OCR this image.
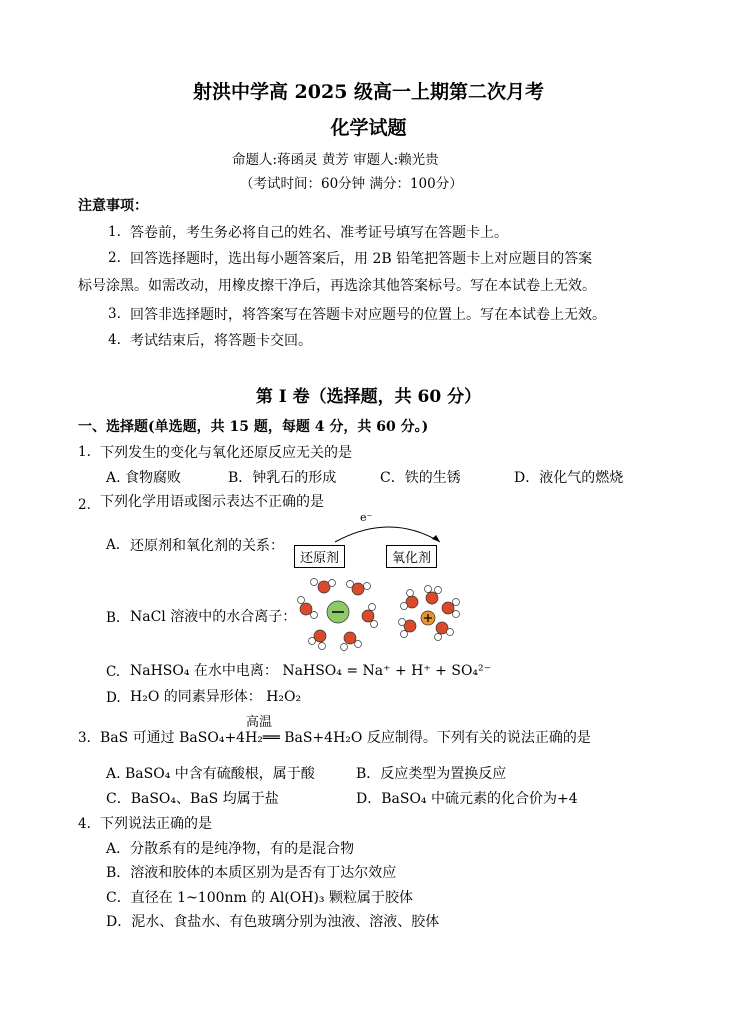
射洪中学高 2025 级高一上期第二次月考
化学试题
命题人:蒋函灵 黄芳 审题人:赖光贵
（考试时间：60分钟 满分：100分）
注意事项：
1. 答卷前，考生务必将自己的姓名、准考证号填写在答题卡上。
2. 回答选择题时，选出每小题答案后，用 2B 铅笔把答题卡上对应题目的答案
标号涂黑。如需改动，用橡皮擦干净后，再选涂其他答案标号。写在本试卷上无效。
3. 回答非选择题时，将答案写在答题卡对应题号的位置上。写在本试卷上无效。
4. 考试结束后，将答题卡交回。
第 I 卷（选择题，共 60 分）
一、选择题(单选题，共 15 题，每题 4 分，共 60 分。)
1. 下列发生的变化与氧化还原反应无关的是
A. 食物腐败	B．钟乳石的形成	C．铁的生锈	D．液化气的燃烧
2． 下列化学用语或图示表达不正确的是
A. 还原剂和氧化剂的关系：
e⁻
还原剂	氧化剂
B. NaCl 溶液中的水合离子：
C. NaHSO₄ 在水中电离： NaHSO₄ = Na⁺ + H⁺ + SO₄²⁻
D. H₂O 的同素异形体： H₂O₂
高温
3. BaS 可通过 BaSO₄+4H₂══ BaS+4H₂O 反应制得。下列有关的说法正确的是
A. BaSO₄ 中含有硫酸根，属于酸	B．反应类型为置换反应
C．BaSO₄、BaS 均属于盐	D．BaSO₄ 中硫元素的化合价为+4
4. 下列说法正确的是
A．分散系有的是纯净物，有的是混合物
B．溶液和胶体的本质区别为是否有丁达尔效应
C．直径在 1~100nm 的 Al(OH)₃ 颗粒属于胶体
D．泥水、食盐水、有色玻璃分别为浊液、溶液、胶体
